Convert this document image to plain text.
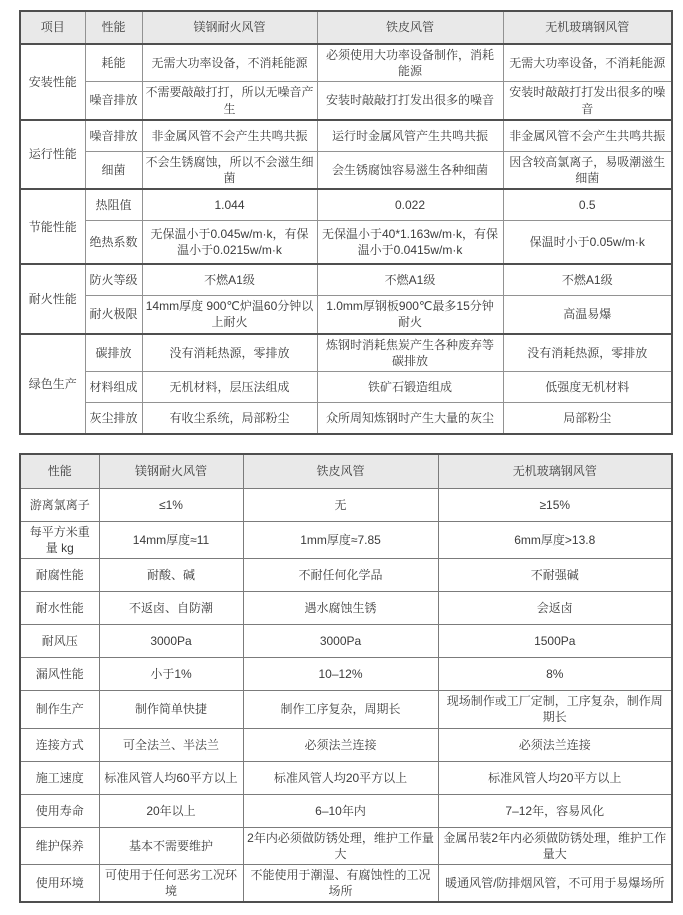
项目	性能	镁钢耐火风管	铁皮风管	无机玻璃钢风管
安装性能	耗能	无需大功率设备，不消耗能源	必须使用大功率设备制作，消耗能源	无需大功率设备，不消耗能源
	噪音排放	不需要敲敲打打，所以无噪音产生	安装时敲敲打打发出很多的噪音	安装时敲敲打打发出很多的噪音
运行性能	噪音排放	非金属风管不会产生共鸣共振	运行时金属风管产生共鸣共振	非金属风管不会产生共鸣共振
	细菌	不会生锈腐蚀，所以不会滋生细菌	会生锈腐蚀容易滋生各种细菌	因含较高氯离子，易吸潮滋生细菌
节能性能	热阻值	1.044	0.022	0.5
	绝热系数	无保温小于0.045w/m·k，有保温小于0.0215w/m·k	无保温小于40*1.163w/m·k，有保温小于0.0415w/m·k	保温时小于0.05w/m·k
耐火性能	防火等级	不燃A1级	不燃A1级	不燃A1级
	耐火极限	14mm厚度 900℃炉温60分钟以上耐火	1.0mm厚钢板900℃最多15分钟耐火	高温易爆
绿色生产	碳排放	没有消耗热源，零排放	炼钢时消耗焦炭产生各种废弃等碳排放	没有消耗热源，零排放
	材料组成	无机材料，层压法组成	铁矿石锻造组成	低强度无机材料
	灰尘排放	有收尘系统，局部粉尘	众所周知炼钢时产生大量的灰尘	局部粉尘
性能	镁钢耐火风管	铁皮风管	无机玻璃钢风管
游离氯离子	≤1%	无	≥15%
每平方米重量 kg	14mm厚度≈11	1mm厚度≈7.85	6mm厚度>13.8
耐腐性能	耐酸、碱	不耐任何化学品	不耐强碱
耐水性能	不返卤、自防潮	遇水腐蚀生锈	会返卤
耐风压	3000Pa	3000Pa	1500Pa
漏风性能	小于1%	10–12%	8%
制作生产	制作简单快捷	制作工序复杂，周期长	现场制作或工厂定制，工序复杂，制作周期长
连接方式	可全法兰、半法兰	必须法兰连接	必须法兰连接
施工速度	标准风管人均60平方以上	标准风管人均20平方以上	标准风管人均20平方以上
使用寿命	20年以上	6–10年内	7–12年，容易风化
维护保养	基本不需要维护	2年内必须做防锈处理，维护工作量大	金属吊装2年内必须做防锈处理，维护工作量大
使用环境	可使用于任何恶劣工况环境	不能使用于潮湿、有腐蚀性的工况场所	暖通风管/防排烟风管，不可用于易爆场所
